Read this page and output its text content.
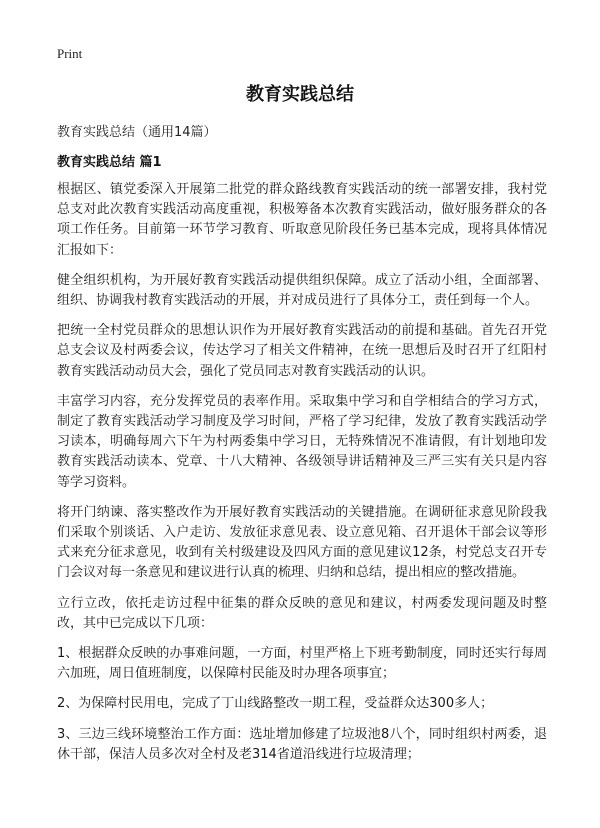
Print
教育实践总结
教育实践总结（通用14篇）
教育实践总结 篇1

根据区、镇党委深入开展第二批党的群众路线教育实践活动的统一部署安排，我村党总支对此次教育实践活动高度重视，积极筹备本次教育实践活动，做好服务群众的各项工作任务。目前第一环节学习教育、听取意见阶段任务已基本完成，现将具体情况汇报如下：

健全组织机构，为开展好教育实践活动提供组织保障。成立了活动小组，全面部署、组织、协调我村教育实践活动的开展，并对成员进行了具体分工，责任到每一个人。

把统一全村党员群众的思想认识作为开展好教育实践活动的前提和基础。首先召开党总支会议及村两委会议，传达学习了相关文件精神，在统一思想后及时召开了红阳村教育实践活动动员大会，强化了党员同志对教育实践活动的认识。

丰富学习内容，充分发挥党员的表率作用。采取集中学习和自学相结合的学习方式，制定了教育实践活动学习制度及学习时间，严格了学习纪律，发放了教育实践活动学习读本，明确每周六下午为村两委集中学习日，无特殊情况不准请假，有计划地印发教育实践活动读本、党章、十八大精神、各级领导讲话精神及三严三实有关只是内容等学习资料。

将开门纳谏、落实整改作为开展好教育实践活动的关键措施。在调研征求意见阶段我们采取个别谈话、入户走访、发放征求意见表、设立意见箱、召开退休干部会议等形式来充分征求意见，收到有关村级建设及四风方面的意见建议12条，村党总支召开专门会议对每一条意见和建议进行认真的梳理、归纳和总结，提出相应的整改措施。

立行立改，依托走访过程中征集的群众反映的意见和建议，村两委发现问题及时整改，其中已完成以下几项：

1、根据群众反映的办事难问题，一方面，村里严格上下班考勤制度，同时还实行每周六加班，周日值班制度，以保障村民能及时办理各项事宜；

2、为保障村民用电，完成了丁山线路整改一期工程，受益群众达300多人；

3、三边三线环境整治工作方面：选址增加修建了垃圾池8八个，同时组织村两委，退休干部，保洁人员多次对全村及老314省道沿线进行垃圾清理；
